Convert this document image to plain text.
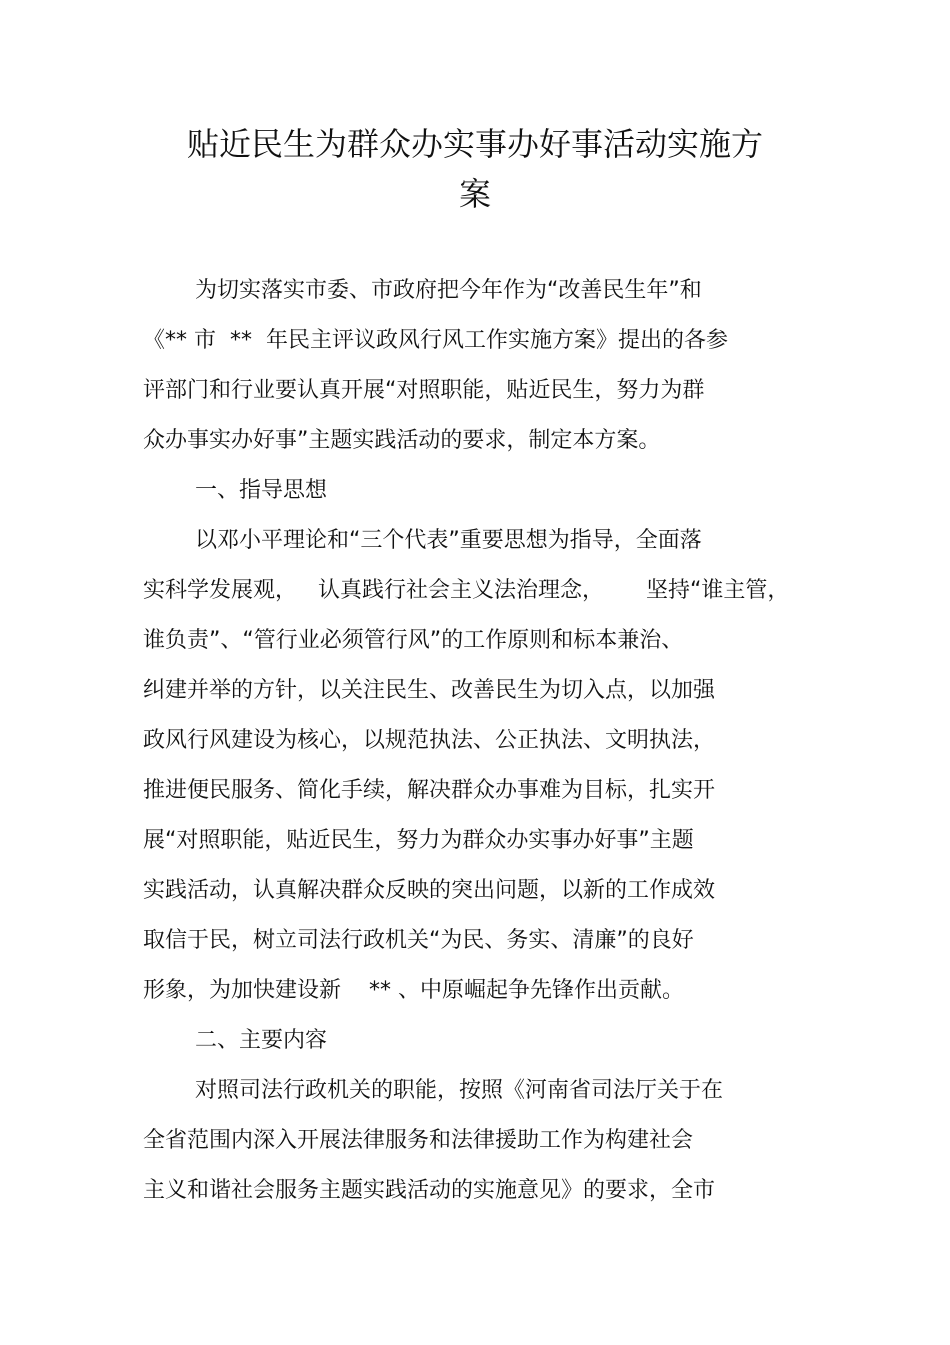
贴近民生为群众办实事办好事活动实施方
案
为切实落实市委、市政府把今年作为“改善民生年”和
《** 市  **  年民主评议政风行风工作实施方案》提出的各参
评部门和行业要认真开展“对照职能，贴近民生，努力为群
众办事实办好事”主题实践活动的要求，制定本方案。
一、指导思想
以邓小平理论和“三个代表”重要思想为指导，全面落
实科学发展观，   认真践行社会主义法治理念，      坚持“谁主管，
谁负责”、“管行业必须管行风”的工作原则和标本兼治、
纠建并举的方针，以关注民生、改善民生为切入点，以加强
政风行风建设为核心，以规范执法、公正执法、文明执法，
推进便民服务、简化手续，解决群众办事难为目标，扎实开
展“对照职能，贴近民生，努力为群众办实事办好事”主题
实践活动，认真解决群众反映的突出问题，以新的工作成效
取信于民，树立司法行政机关“为民、务实、清廉”的良好
形象，为加快建设新    ** 、中原崛起争先锋作出贡献。
二、主要内容
对照司法行政机关的职能，按照《河南省司法厅关于在
全省范围内深入开展法律服务和法律援助工作为构建社会
主义和谐社会服务主题实践活动的实施意见》的要求，全市
